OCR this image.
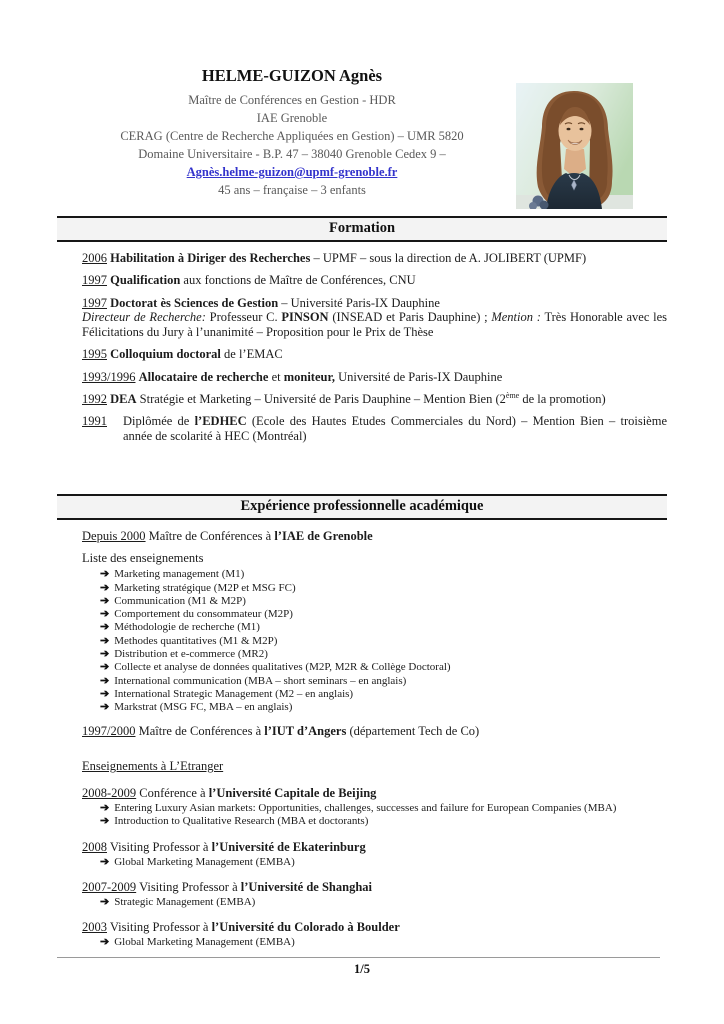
HELME-GUIZON Agnès

Maître de Conférences en Gestion - HDR

IAE Grenoble

CERAG (Centre de Recherche Appliquées en Gestion) – UMR 5820

Domaine Universitaire - B.P. 47 – 38040 Grenoble Cedex 9 –

Agnès.helme-guizon@upmf-grenoble.fr

45 ans – française – 3 enfants

Formation

2006 Habilitation à Diriger des Recherches – UPMF – sous la direction de A. JOLIBERT (UPMF)

1997 Qualification aux fonctions de Maître de Conférences, CNU

1997 Doctorat ès Sciences de Gestion – Université Paris-IX Dauphine
Directeur de Recherche: Professeur C. PINSON (INSEAD et Paris Dauphine) ; Mention : Très Honorable avec les Félicitations du Jury à l’unanimité – Proposition pour le Prix de Thèse

1995 Colloquium doctoral de l’EMAC

1993/1996 Allocataire de recherche et moniteur, Université de Paris-IX Dauphine

1992 DEA Stratégie et Marketing – Université de Paris Dauphine – Mention Bien (2ème de la promotion)

1991	Diplômée de l’EDHEC (Ecole des Hautes Etudes Commerciales du Nord) – Mention Bien – troisième année de scolarité à HEC (Montréal)

Expérience professionnelle académique

Depuis 2000 Maître de Conférences à l’IAE de Grenoble

Liste des enseignements

➔ Marketing management (M1)
➔ Marketing stratégique (M2P et MSG FC)
➔ Communication (M1 & M2P)
➔ Comportement du consommateur (M2P)
➔ Méthodologie de recherche (M1)
➔ Methodes quantitatives (M1 & M2P)
➔ Distribution et e-commerce (MR2)
➔ Collecte et analyse de données qualitatives (M2P, M2R & Collège Doctoral)
➔ International communication (MBA – short seminars – en anglais)
➔ International Strategic Management (M2 – en anglais)
➔ Markstrat (MSG FC, MBA – en anglais)

1997/2000 Maître de Conférences à l’IUT d’Angers (département Tech de Co)

Enseignements à L’Etranger

2008-2009 Conférence à l’Université Capitale de Beijing

➔ Entering Luxury Asian markets: Opportunities, challenges, successes and failure for European Companies (MBA)
➔ Introduction to Qualitative Research (MBA et doctorants)

2008 Visiting Professor à l’Université de Ekaterinburg

➔ Global Marketing Management (EMBA)

2007-2009 Visiting Professor à l’Université de Shanghai

➔ Strategic Management (EMBA)

2003 Visiting Professor à l’Université du Colorado à Boulder

➔ Global Marketing Management (EMBA)
1/5
